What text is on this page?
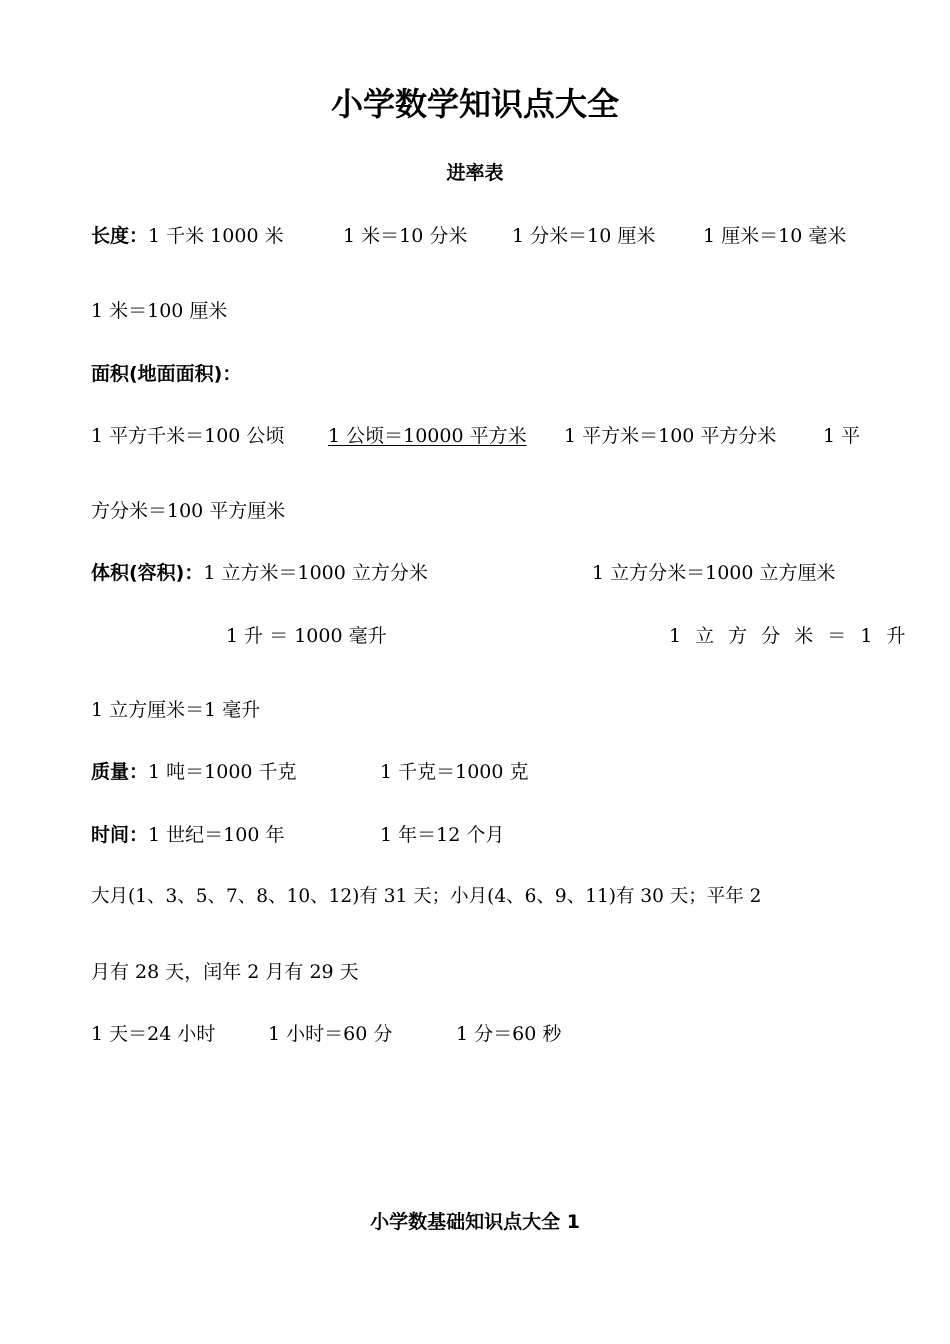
小学数学知识点大全
进率表
长度：1 千米 1000 米	1 米＝10 分米 1 分米＝10 厘米	1 厘米＝10 毫米
1 米＝100 厘米
面积(地面面积)：
1 平方千米＝100 公顷 1 公顷＝10000 平方米 1 平方米＝100 平方分米 1 平
方分米＝100 平方厘米
体积(容积)：1 立方米＝1000 立方分米	1 立方分米＝1000 立方厘米
1 升 ＝ 1000 毫升	1 立 方 分 米 ＝ 1 升
1 立方厘米＝1 毫升
质量：1 吨＝1000 千克	1 千克＝1000 克
时间：1 世纪＝100 年	1 年＝12 个月
大月(1、3、5、7、8、10、12)有 31 天；小月(4、6、9、11)有 30 天；平年 2
月有 28 天，闰年 2 月有 29 天
1 天＝24 小时	1 小时＝60 分	1 分＝60 秒
小学数基础知识点大全 1
